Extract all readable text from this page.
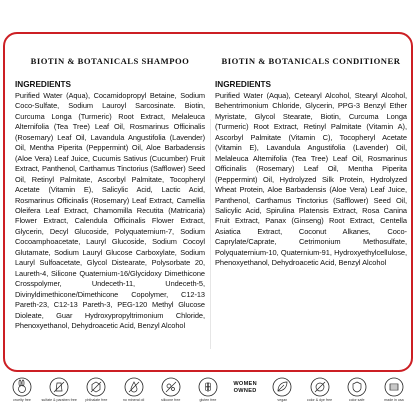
BIOTIN & BOTANICALS SHAMPOO
INGREDIENTS
Purified Water (Aqua), Cocamidopropyl Betaine, Sodium Coco-Sulfate, Sodium Lauroyl Sarcosinate. Biotin, Curcuma Longa (Turmeric) Root Extract, Melaleuca Alternifolia (Tea Tree) Leaf Oil, Rosmarinus Officinalis (Rosemary) Leaf Oil, Lavandula Angustifolia (Lavender) Oil, Mentha Piperita (Peppermint) Oil, Aloe Barbadensis (Aloe Vera) Leaf Juice, Cucumis Sativus (Cucumber) Fruit Extract, Panthenol, Carthamus Tinctorius (Safflower) Seed Oil, Retinyl Palmitate, Ascorbyl Palmitate, Tocopheryl Acetate (Vitamin E), Salicylic Acid, Lactic Acid, Rosmarinus Officinalis (Rosemary) Leaf Extract, Camellia Oleifera Leaf Extract, Chamomilla Recutita (Matricaria) Flower Extract, Calendula Officinalis Flower Extract, Glycerin, Decyl Glucoside, Polyquaternium-7, Sodium Cocoamphoacetate, Lauryl Glucoside, Sodium Cocoyl Glutamate, Sodium Lauryl Glucose Carboxylate, Sodium Lauryl Sulfoacetate, Glycol Distearate, Polysorbate 20, Laureth-4, Silicone Quaternium-16/Glycidoxy Dimethicone Crosspolymer, Undeceth-11, Undeceth-5, Divinyldimethicone/Dimethicone Copolymer, C12-13 Pareth-23, C12-13 Pareth-3, PEG-120 Methyl Glucose Dioleate, Guar Hydroxypropyltrimonium Chloride, Phenoxyethanol, Dehydroacetic Acid, Benzyl Alcohol
BIOTIN & BOTANICALS CONDITIONER
INGREDIENTS
Purified Water (Aqua), Cetearyl Alcohol, Stearyl Alcohol, Behentrimonium Chloride, Glycerin, PPG-3 Benzyl Ether Myristate, Glycol Stearate, Biotin, Curcuma Longa (Turmeric) Root Extract, Retinyl Palmitate (Vitamin A), Ascorbyl Palmitate (Vitamin C), Tocopheryl Acetate (Vitamin E), Lavandula Angustifolia (Lavender) Oil, Melaleuca Alternifolia (Tea Tree) Leaf Oil, Rosmarinus Officinalis (Rosemary) Leaf Oil, Mentha Piperita (Peppermint) Oil, Hydrolyzed Silk Protein, Hydrolyzed Wheat Protein, Aloe Barbadensis (Aloe Vera) Leaf Juice, Panthenol, Carthamus Tinctorius (Safflower) Seed Oil, Salicylic Acid, Spirulina Platensis Extract, Rosa Canina Fruit Extract, Panax (Ginseng) Root Extract, Centella Asiatica Extract, Coconut Alkanes, Coco-Caprylate/Caprate, Cetrimonium Methosulfate, Polyquaternium-10, Quaternium-91, Hydroxyethylcellulose, Phenoxyethanol, Dehydroacetic Acid, Benzyl Alcohol
cruelty free	sulfate & paraben free phthalate free	no mineral oil	silicone free	gluten free
WOMEN OWNED
vegan	color & dye free	color safe	made in usa
